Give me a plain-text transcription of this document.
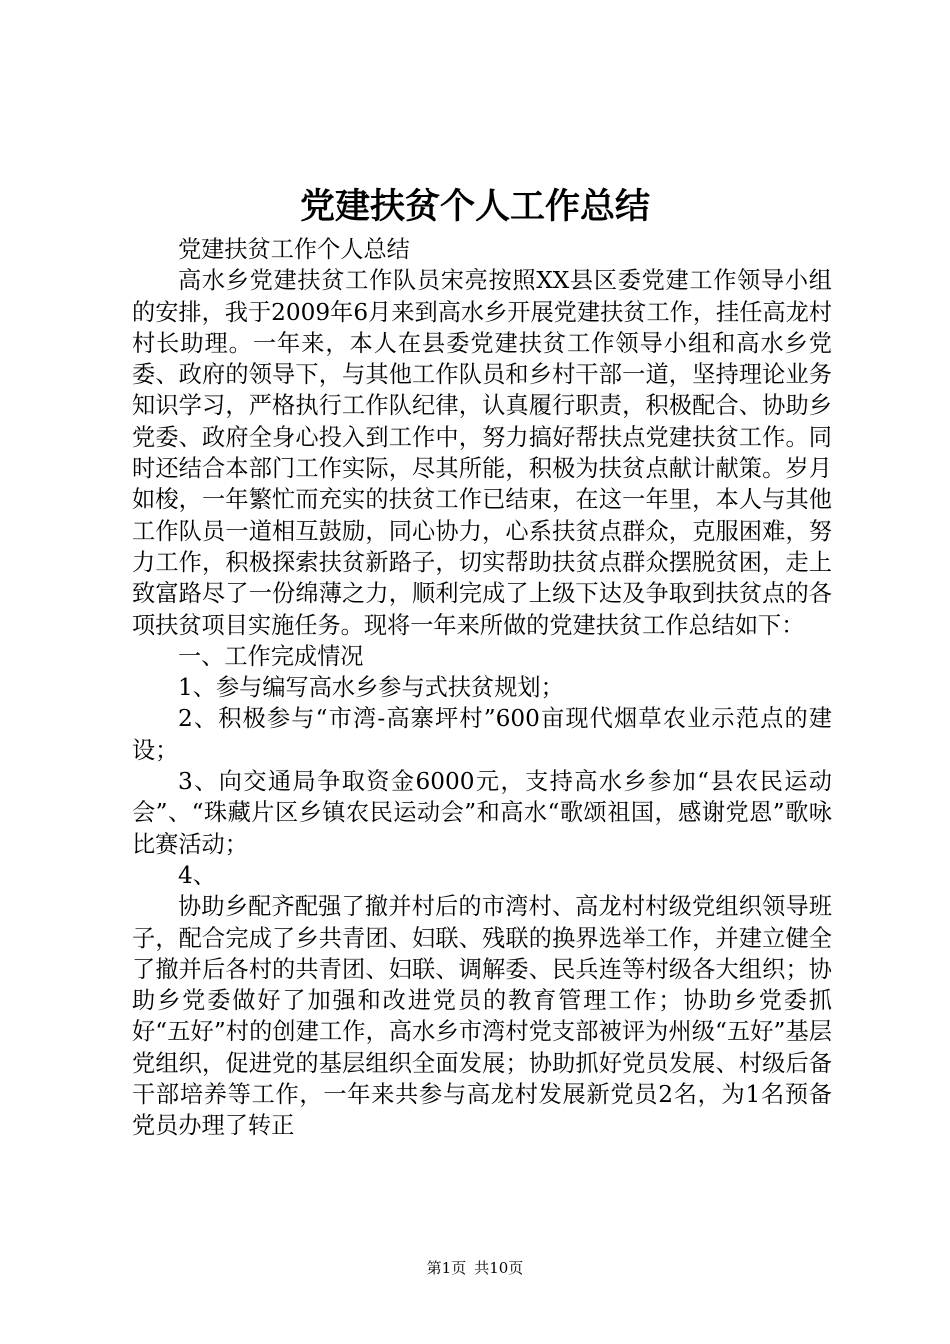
党建扶贫个人工作总结

党建扶贫工作个人总结

高水乡党建扶贫工作队员宋亮按照XX县区委党建工作领导小组的安排，我于2009年6月来到高水乡开展党建扶贫工作，挂任高龙村村长助理。一年来，本人在县委党建扶贫工作领导小组和高水乡党委、政府的领导下，与其他工作队员和乡村干部一道，坚持理论业务知识学习，严格执行工作队纪律，认真履行职责，积极配合、协助乡党委、政府全身心投入到工作中，努力搞好帮扶点党建扶贫工作。同时还结合本部门工作实际，尽其所能，积极为扶贫点献计献策。岁月如梭，一年繁忙而充实的扶贫工作已结束，在这一年里，本人与其他工作队员一道相互鼓励，同心协力，心系扶贫点群众，克服困难，努力工作，积极探索扶贫新路子，切实帮助扶贫点群众摆脱贫困，走上致富路尽了一份绵薄之力，顺利完成了上级下达及争取到扶贫点的各项扶贫项目实施任务。现将一年来所做的党建扶贫工作总结如下：

一、工作完成情况

1、参与编写高水乡参与式扶贫规划；

2、积极参与“市湾-高寨坪村”600亩现代烟草农业示范点的建设；

3、向交通局争取资金6000元，支持高水乡参加“县农民运动会”、“珠藏片区乡镇农民运动会”和高水“歌颂祖国，感谢党恩”歌咏比赛活动；

4、

协助乡配齐配强了撤并村后的市湾村、高龙村村级党组织领导班子，配合完成了乡共青团、妇联、残联的换界选举工作，并建立健全了撤并后各村的共青团、妇联、调解委、民兵连等村级各大组织；协助乡党委做好了加强和改进党员的教育管理工作；协助乡党委抓好“五好”村的创建工作，高水乡市湾村党支部被评为州级“五好”基层党组织，促进党的基层组织全面发展；协助抓好党员发展、村级后备干部培养等工作，一年来共参与高龙村发展新党员2名，为1名预备党员办理了转正

第1页 共10页
